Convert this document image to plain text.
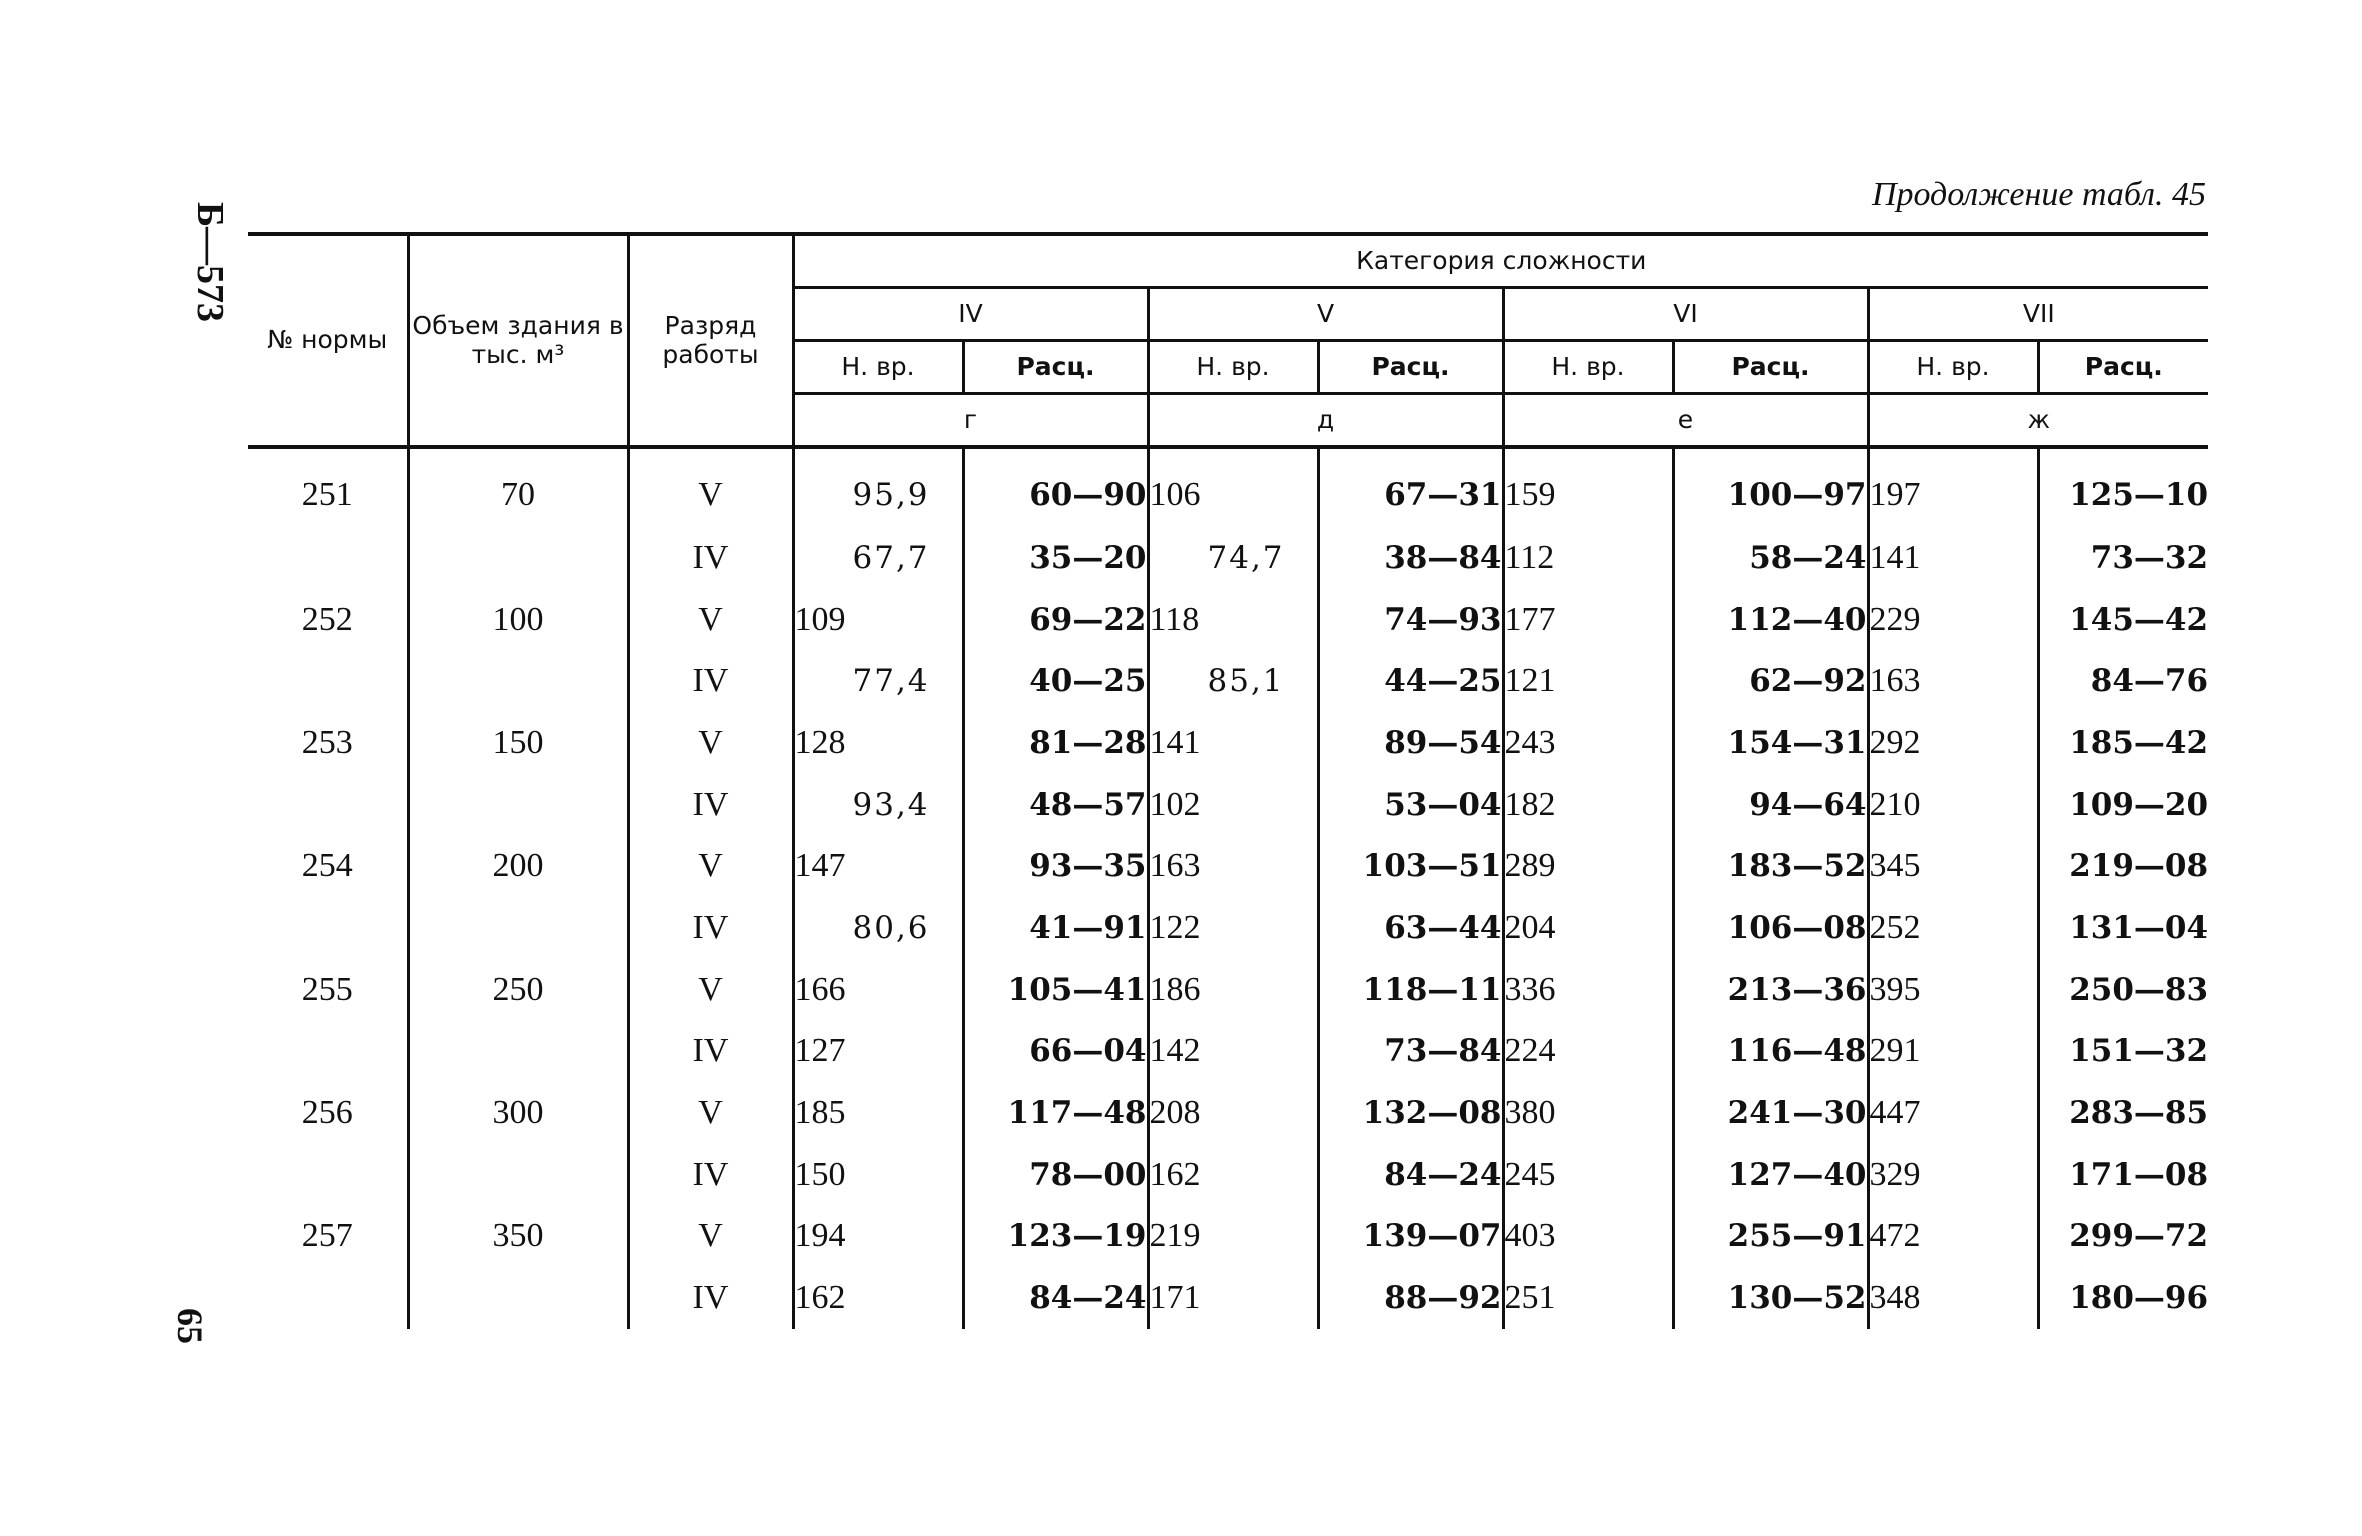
Б—573
65
Продолжение табл. 45
№ нормы	Объем здания в тыс. м³	Разряд работы	Категория сложности							
			IV		V		VI		VII	
			Н. вр.	Расц.	Н. вр.	Расц.	Н. вр.	Расц.	Н. вр.	Расц.
			г		д		е		ж	
251	70	V	95,9	60—90	106	67—31	159	100—97	197	125—10
		IV	67,7	35—20	74,7	38—84	112	58—24	141	73—32
252	100	V	109	69—22	118	74—93	177	112—40	229	145—42
		IV	77,4	40—25	85,1	44—25	121	62—92	163	84—76
253	150	V	128	81—28	141	89—54	243	154—31	292	185—42
		IV	93,4	48—57	102	53—04	182	94—64	210	109—20
254	200	V	147	93—35	163	103—51	289	183—52	345	219—08
		IV	80,6	41—91	122	63—44	204	106—08	252	131—04
255	250	V	166	105—41	186	118—11	336	213—36	395	250—83
		IV	127	66—04	142	73—84	224	116—48	291	151—32
256	300	V	185	117—48	208	132—08	380	241—30	447	283—85
		IV	150	78—00	162	84—24	245	127—40	329	171—08
257	350	V	194	123—19	219	139—07	403	255—91	472	299—72
		IV	162	84—24	171	88—92	251	130—52	348	180—96
